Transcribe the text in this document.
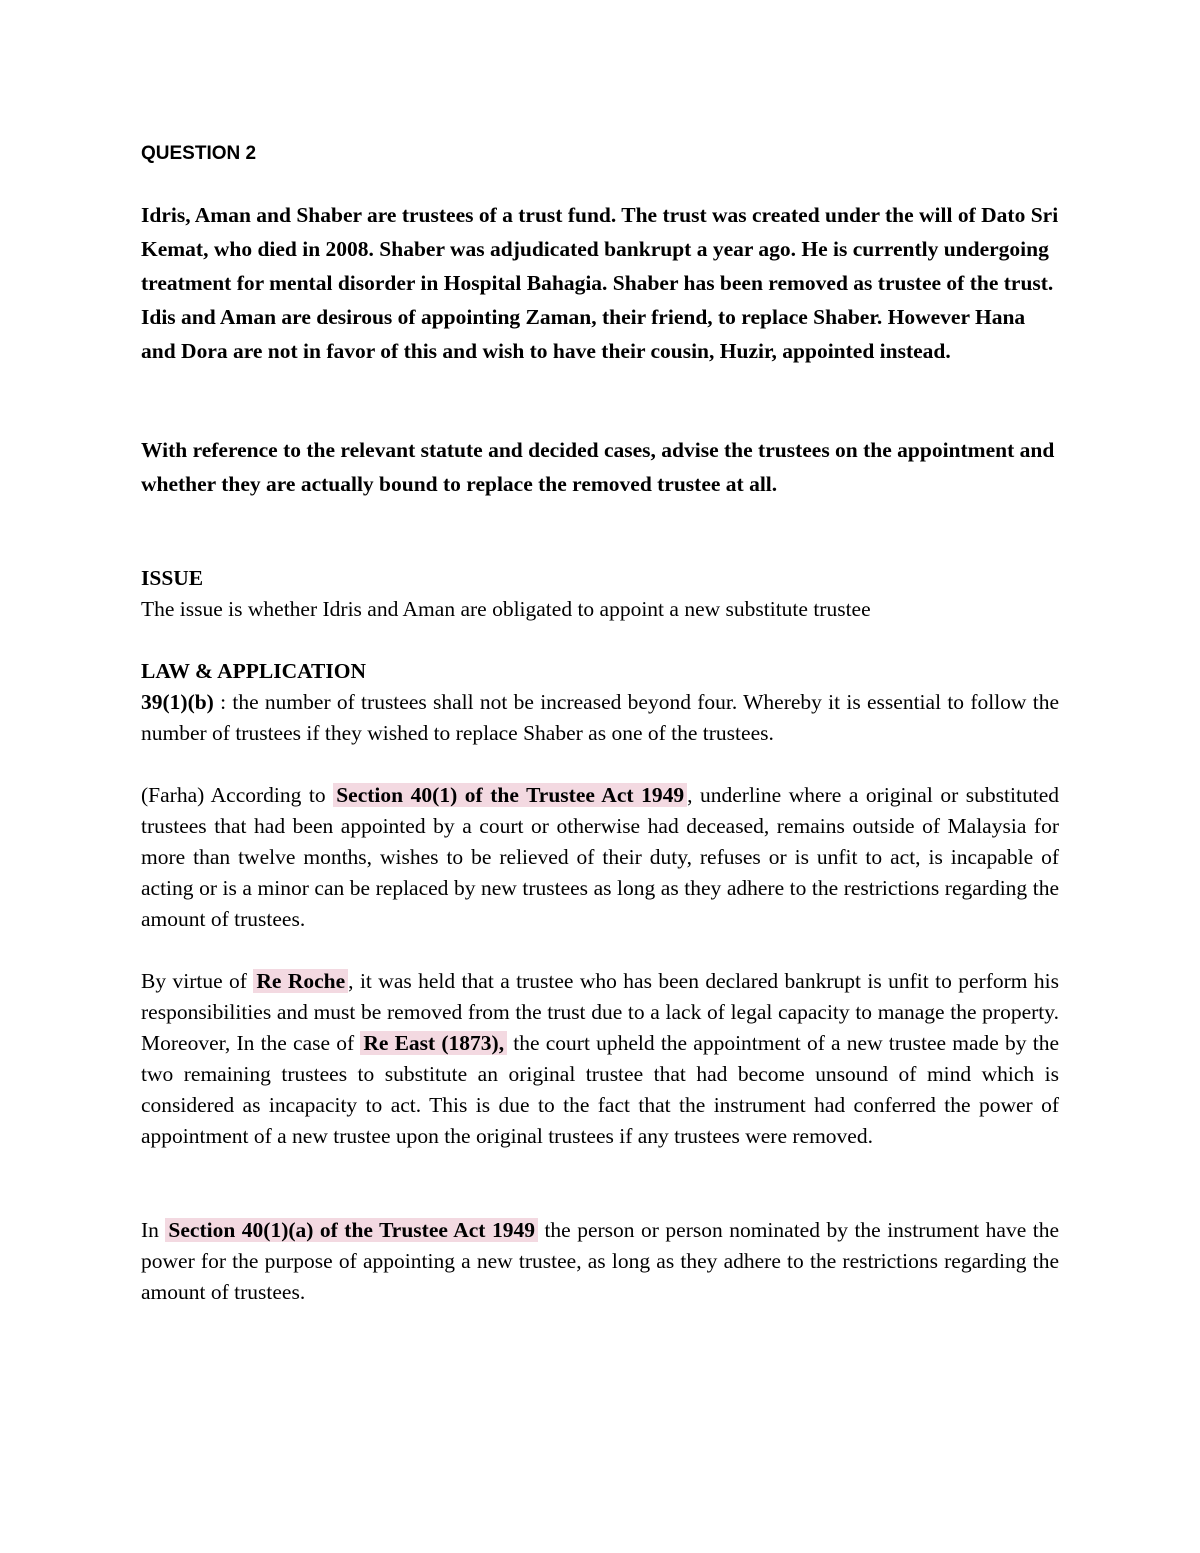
QUESTION 2
Idris, Aman and Shaber are trustees of a trust fund. The trust was created under the will of Dato Sri Kemat, who died in 2008. Shaber was adjudicated bankrupt a year ago. He is currently undergoing treatment for mental disorder in Hospital Bahagia. Shaber has been removed as trustee of the trust. Idis and Aman are desirous of appointing Zaman, their friend, to replace Shaber. However Hana and Dora are not in favor of this and wish to have their cousin, Huzir, appointed instead.
With reference to the relevant statute and decided cases, advise the trustees on the appointment and whether they are actually bound to replace the removed trustee at all.
ISSUE
The issue is whether Idris and Aman are obligated to appoint a new substitute trustee
LAW & APPLICATION
39(1)(b) : the number of trustees shall not be increased beyond four. Whereby it is essential to follow the number of trustees if they wished to replace Shaber as one of the trustees.
(Farha) According to Section 40(1) of the Trustee Act 1949 , underline where a original or substituted trustees that had been appointed by a court or otherwise had deceased, remains outside of Malaysia for more than twelve months, wishes to be relieved of their duty, refuses or is unfit to act, is incapable of acting or is a minor can be replaced by new trustees as long as they adhere to the restrictions regarding the amount of trustees.
By virtue of Re Roche , it was held that a trustee who has been declared bankrupt is unfit to perform his responsibilities and must be removed from the trust due to a lack of legal capacity to manage the property. Moreover, In the case of Re East (1873), the court upheld the appointment of a new trustee made by the two remaining trustees to substitute an original trustee that had become unsound of mind which is considered as incapacity to act. This is due to the fact that the instrument had conferred the power of appointment of a new trustee upon the original trustees if any trustees were removed.
In Section 40(1)(a) of the Trustee Act 1949 the person or person nominated by the instrument have the power for the purpose of appointing a new trustee, as long as they adhere to the restrictions regarding the amount of trustees.
